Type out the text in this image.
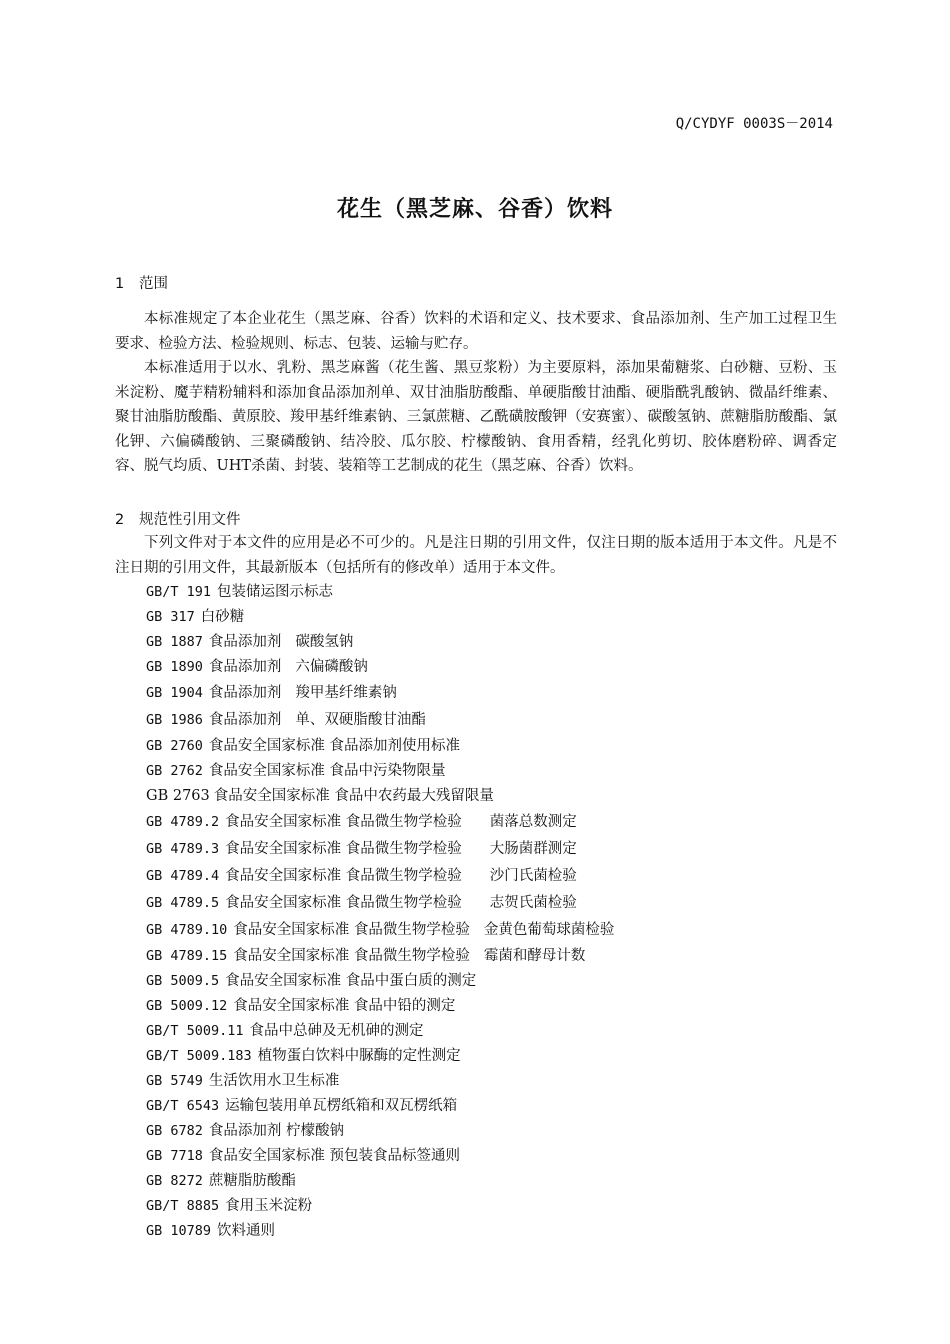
Q/CYDYF 0003S－2014
花生（黑芝麻、谷香）饮料
1 范围

本标准规定了本企业花生（黑芝麻、谷香）饮料的术语和定义、技术要求、食品添加剂、生产加工过程卫生要求、检验方法、检验规则、标志、包装、运输与贮存。

本标准适用于以水、乳粉、黑芝麻酱（花生酱、黑豆浆粉）为主要原料，添加果葡糖浆、白砂糖、豆粉、玉米淀粉、魔芋精粉辅料和添加食品添加剂单、双甘油脂肪酸酯、单硬脂酸甘油酯、硬脂酰乳酸钠、微晶纤维素、聚甘油脂肪酸酯、黄原胶、羧甲基纤维素钠、三氯蔗糖、乙酰磺胺酸钾（安赛蜜）、碳酸氢钠、蔗糖脂肪酸酯、氯化钾、六偏磷酸钠、三聚磷酸钠、结冷胶、瓜尔胶、柠檬酸钠、食用香精，经乳化剪切、胶体磨粉碎、调香定容、脱气均质、UHT杀菌、封装、装箱等工艺制成的花生（黑芝麻、谷香）饮料。

2 规范性引用文件

下列文件对于本文件的应用是必不可少的。凡是注日期的引用文件，仅注日期的版本适用于本文件。凡是不注日期的引用文件，其最新版本（包括所有的修改单）适用于本文件。

GB/T 191 包装储运图示标志
GB 317 白砂糖
GB 1887 食品添加剂 碳酸氢钠
GB 1890 食品添加剂 六偏磷酸钠
GB 1904 食品添加剂 羧甲基纤维素钠
GB 1986 食品添加剂 单、双硬脂酸甘油酯
GB 2760 食品安全国家标准 食品添加剂使用标准
GB 2762 食品安全国家标准 食品中污染物限量
GB 2763 食品安全国家标准 食品中农药最大残留限量
GB 4789.2 食品安全国家标准 食品微生物学检验 菌落总数测定
GB 4789.3 食品安全国家标准 食品微生物学检验 大肠菌群测定
GB 4789.4 食品安全国家标准 食品微生物学检验 沙门氏菌检验
GB 4789.5 食品安全国家标准 食品微生物学检验 志贺氏菌检验
GB 4789.10 食品安全国家标准 食品微生物学检验 金黄色葡萄球菌检验
GB 4789.15 食品安全国家标准 食品微生物学检验 霉菌和酵母计数
GB 5009.5 食品安全国家标准 食品中蛋白质的测定
GB 5009.12 食品安全国家标准 食品中铅的测定
GB/T 5009.11 食品中总砷及无机砷的测定
GB/T 5009.183 植物蛋白饮料中脲酶的定性测定
GB 5749 生活饮用水卫生标准
GB/T 6543 运输包装用单瓦楞纸箱和双瓦楞纸箱
GB 6782 食品添加剂 柠檬酸钠
GB 7718 食品安全国家标准 预包装食品标签通则
GB 8272 蔗糖脂肪酸酯
GB/T 8885 食用玉米淀粉
GB 10789 饮料通则
